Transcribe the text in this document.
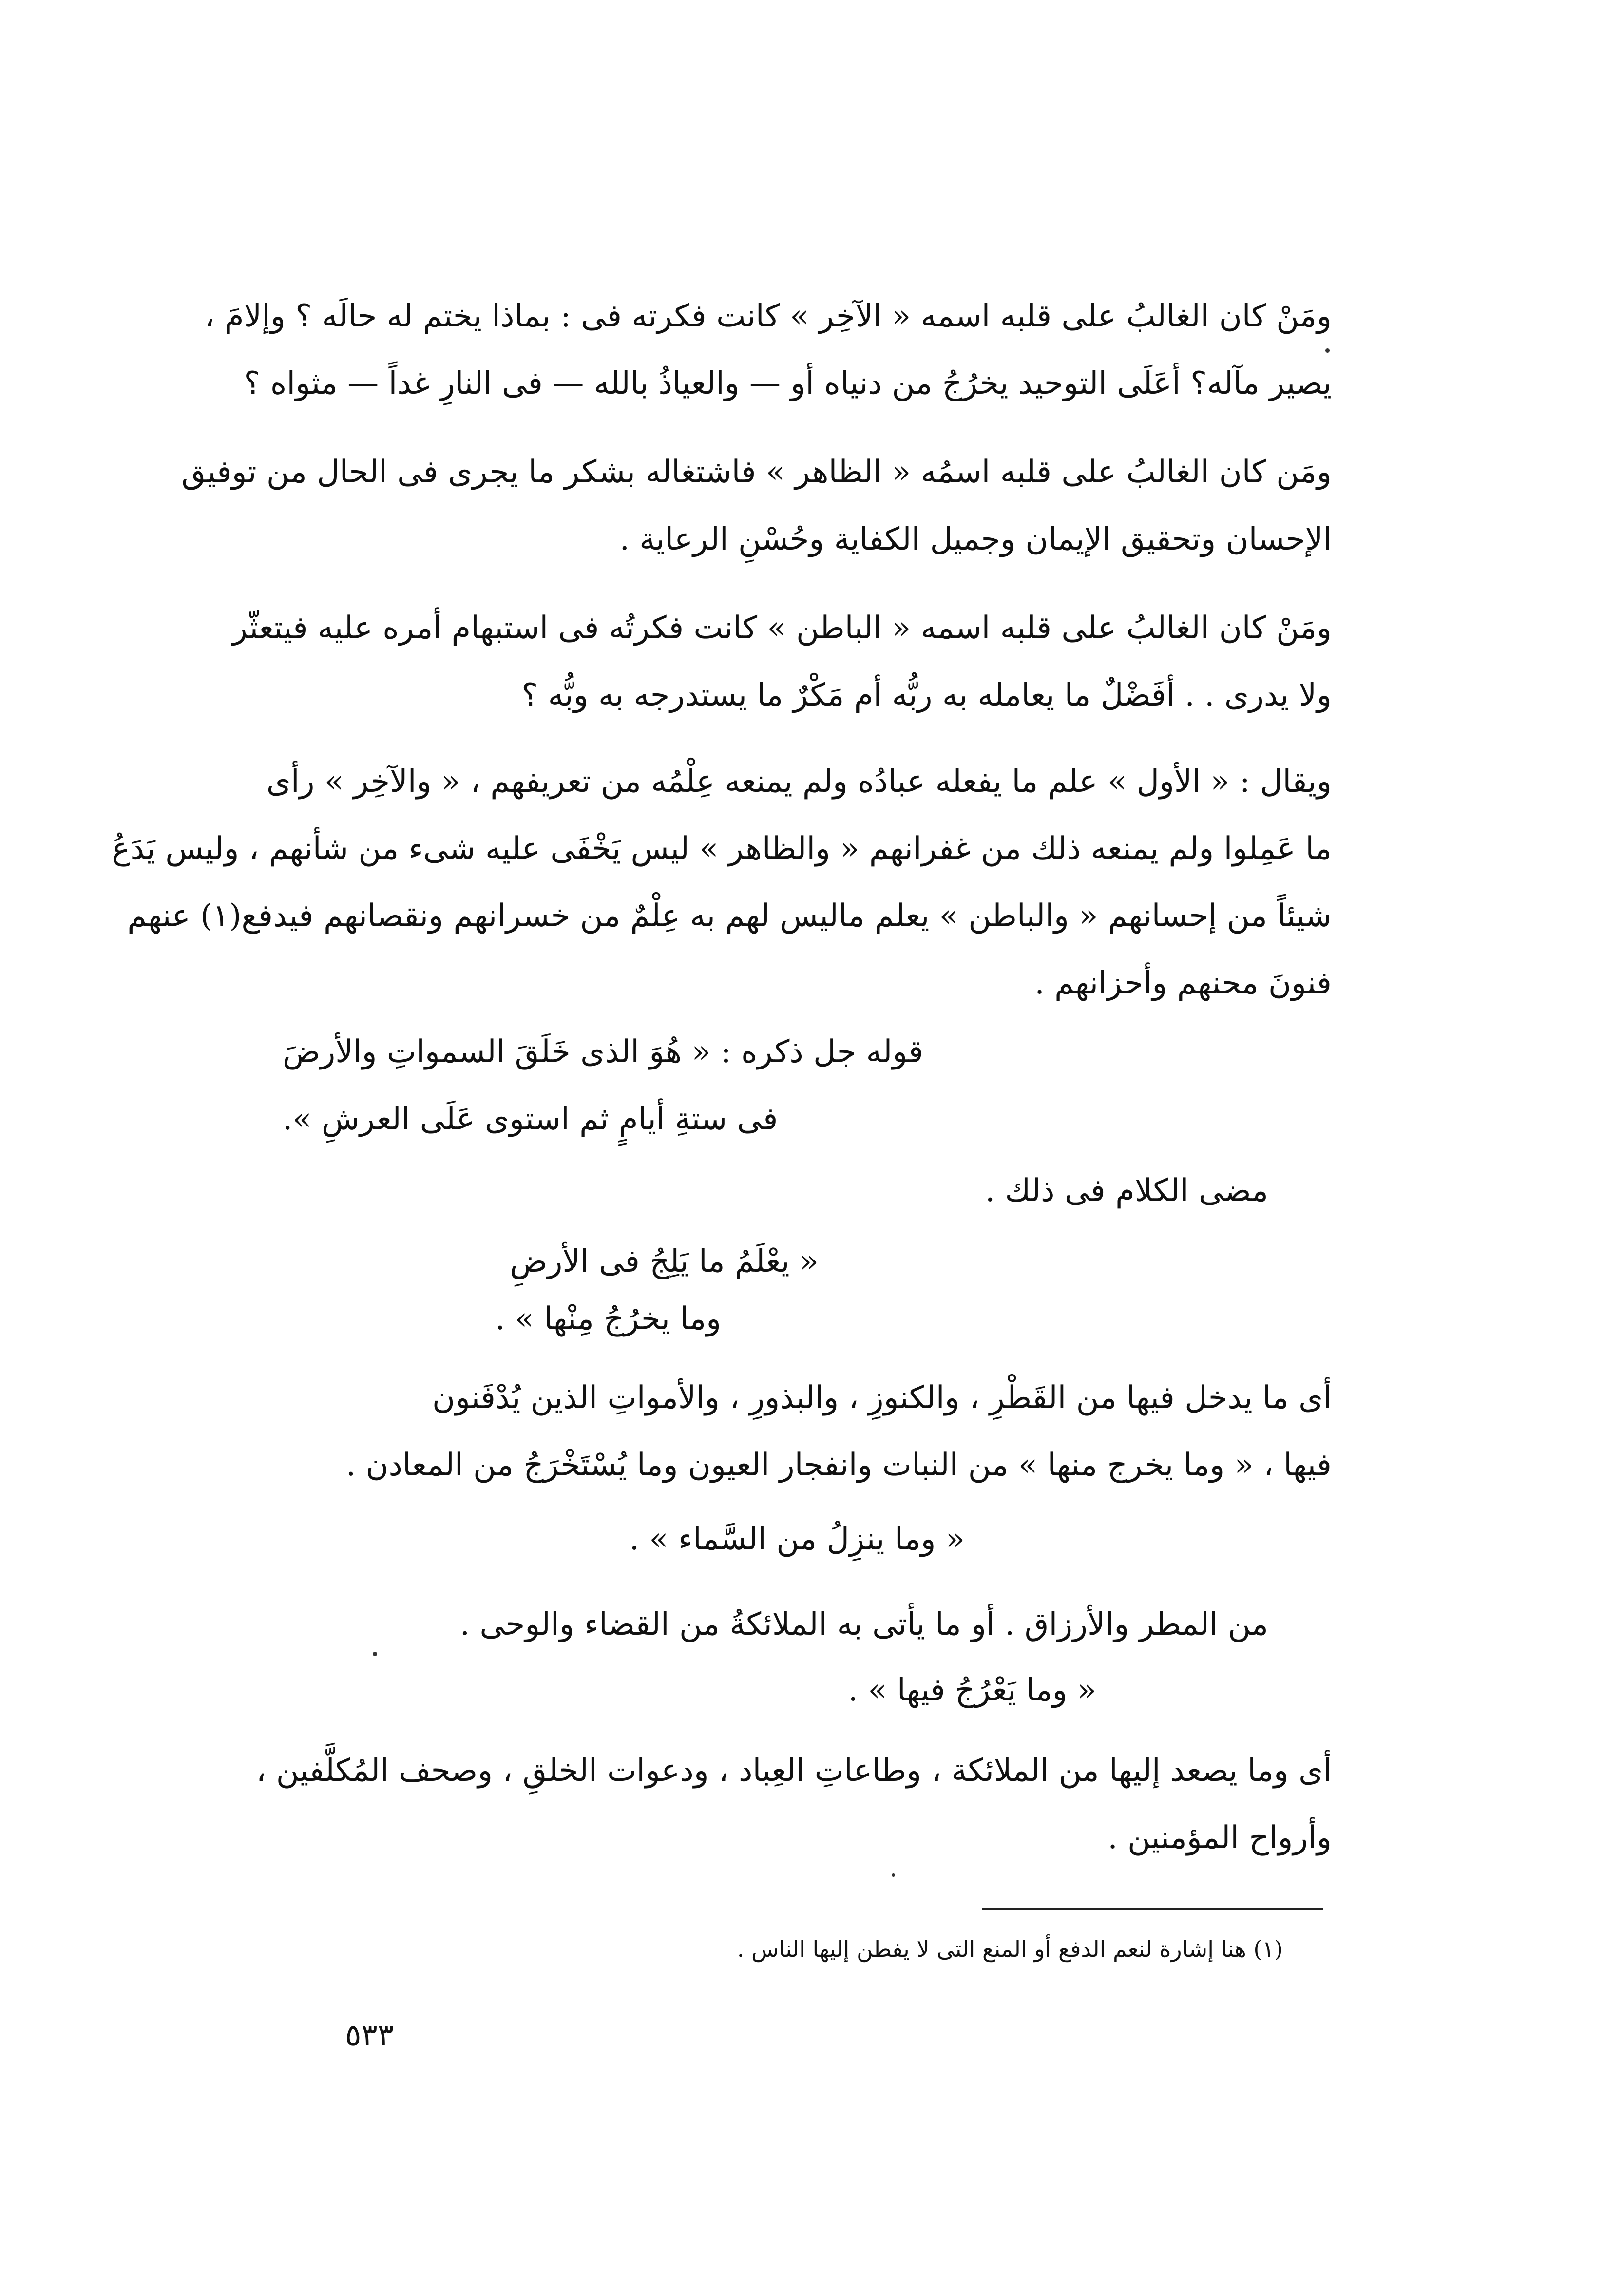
ومَنْ كان الغالبُ على قلبه اسمه « الآخِر » كانت فكرته فى : بماذا يختم له حالَه ؟ وإلامَ ،
يصير مآله؟ أعَلَى التوحيد يخرُجُ من دنياه أو — والعياذُ بالله — فى النارِ غداً — مثواه ؟
ومَن كان الغالبُ على قلبه اسمُه « الظاهر » فاشتغاله بشكر ما يجرى فى الحال من توفيق
الإحسان وتحقيق الإيمان وجميل الكفاية وحُسْنِ الرعاية .
ومَنْ كان الغالبُ على قلبه اسمه « الباطن » كانت فكرتُه فى استبهام أمره عليه فيتعثّر
ولا يدرى . . أفَضْلٌ ما يعامله به ربُّه أم مَكْرٌ ما يستدرجه به وبُّه ؟
ويقال : « الأول » علم ما يفعله عبادُه ولم يمنعه عِلْمُه من تعريفهم ، « والآخِر » رأى
ما عَمِلوا ولم يمنعه ذلك من غفرانهم « والظاهر » ليس يَخْفَى عليه شىء من شأنهم ، وليس يَدَعُ
شيئاً من إحسانهم « والباطن » يعلم ماليس لهم به عِلْمٌ من خسرانهم ونقصانهم فيدفع(١) عنهم
فنونَ محنهم وأحزانهم .
قوله جل ذكره : « هُوَ الذى خَلَقَ السمواتِ والأرضَ
فى ستةِ أيامٍ ثم استوى عَلَى العرشِ ».
مضى الكلام فى ذلك .
« يعْلَمُ ما يَلِجُ فى الأرضِ
وما يخرُجُ مِنْها » .
أى ما يدخل فيها من القَطْرِ ، والكنوزِ ، والبذورِ ، والأمواتِ الذين يُدْفَنون
فيها ، « وما يخرج منها » من النبات وانفجار العيون وما يُسْتَخْرَجُ من المعادن .
« وما ينزِلُ من السَّماء » .
من المطر والأرزاق . أو ما يأتى به الملائكةُ من القضاء والوحى .
« وما يَعْرُجُ فيها » .
أى وما يصعد إليها من الملائكة ، وطاعاتِ العِباد ، ودعوات الخلقِ ، وصحف المُكلَّفين ،
وأرواح المؤمنين .
(١) هنا إشارة لنعم الدفع أو المنع التى لا يفطن إليها الناس .
٥٣٣
